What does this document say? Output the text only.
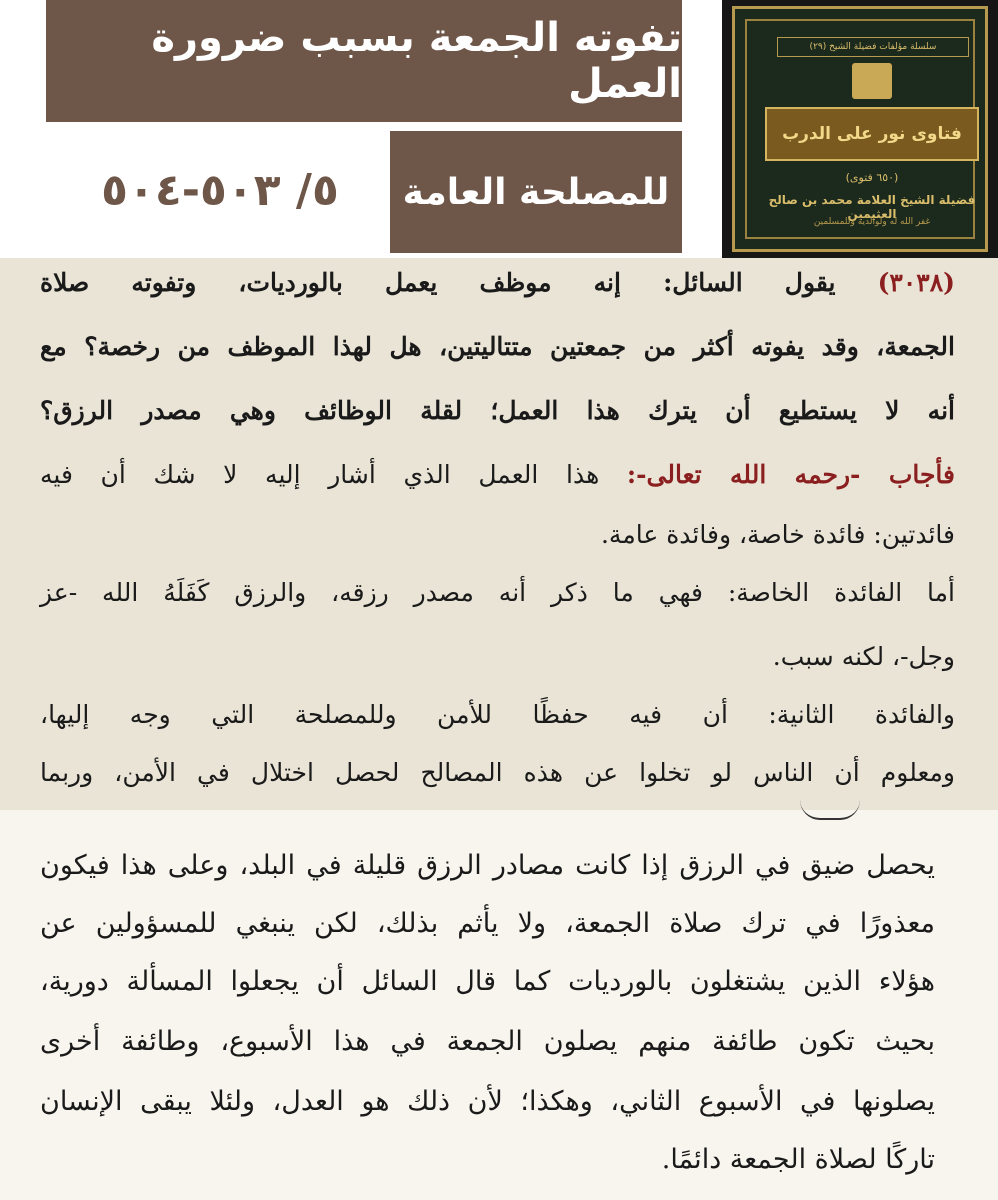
تفوته الجمعة بسبب ضرورة العمل
للمصلحة العامة
٥/ ٥٠٣-٥٠٤
سلسلة مؤلفات فضيلة الشيخ (٢٩)
فتاوى نور على الدرب
(٦٥٠ فتوى)
فضيلة الشيخ العلامة محمد بن صالح العثيمين
غفر الله له ولوالديه وللمسلمين
(٣٠٣٨) يقول السائل: إنه موظف يعمل بالورديات، وتفوته صلاة
الجمعة، وقد يفوته أكثر من جمعتين متتاليتين، هل لهذا الموظف من رخصة؟ مع
أنه لا يستطيع أن يترك هذا العمل؛ لقلة الوظائف وهي مصدر الرزق؟
فأجاب -رحمه الله تعالى-: هذا العمل الذي أشار إليه لا شك أن فيه
فائدتين: فائدة خاصة، وفائدة عامة.
أما الفائدة الخاصة: فهي ما ذكر أنه مصدر رزقه، والرزق كَفَلَهُ الله -عز
وجل-، لكنه سبب.
والفائدة الثانية: أن فيه حفظًا للأمن وللمصلحة التي وجه إليها،
ومعلوم أن الناس لو تخلوا عن هذه المصالح لحصل اختلال في الأمن، وربما
يحصل ضيق في الرزق إذا كانت مصادر الرزق قليلة في البلد، وعلى هذا فيكون
معذورًا في ترك صلاة الجمعة، ولا يأثم بذلك، لكن ينبغي للمسؤولين عن
هؤلاء الذين يشتغلون بالورديات كما قال السائل أن يجعلوا المسألة دورية،
بحيث تكون طائفة منهم يصلون الجمعة في هذا الأسبوع، وطائفة أخرى
يصلونها في الأسبوع الثاني، وهكذا؛ لأن ذلك هو العدل، ولئلا يبقى الإنسان
تاركًا لصلاة الجمعة دائمًا.
